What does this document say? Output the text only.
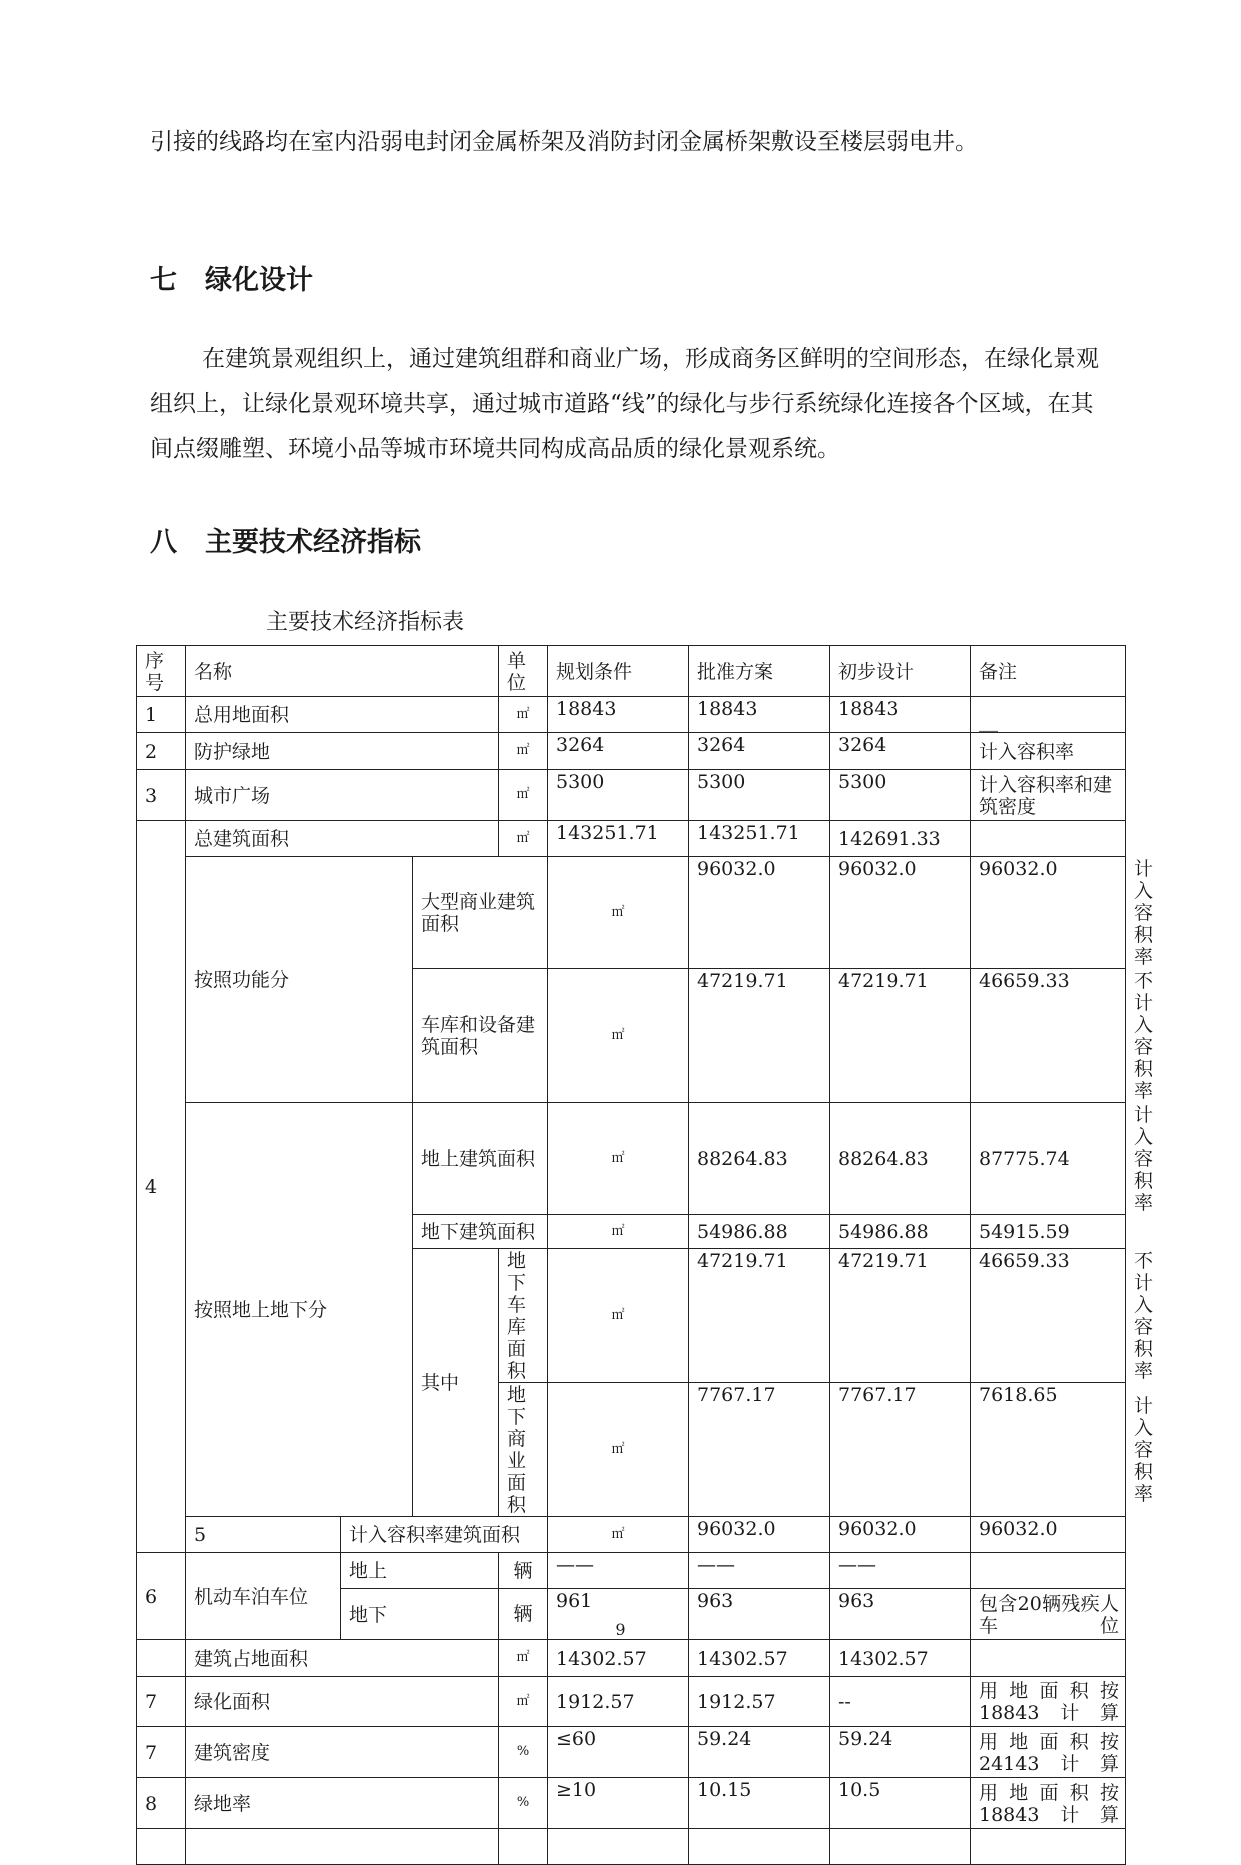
引接的线路均在室内沿弱电封闭金属桥架及消防封闭金属桥架敷设至楼层弱电井。

七 绿化设计

在建筑景观组织上，通过建筑组群和商业广场，形成商务区鲜明的空间形态，在绿化景观组织上，让绿化景观环境共享，通过城市道路“线”的绿化与步行系统绿化连接各个区域，在其间点缀雕塑、环境小品等城市环境共同构成高品质的绿化景观系统。

八 主要技术经济指标

主要技术经济指标表

序号	名称			单位	规划条件	批准方案	初步设计	备注	
1	总用地面积			㎡	18843	18843	18843	__	
2	防护绿地			㎡	3264	3264	3264	计入容积率	
3	城市广场			㎡	5300	5300	5300	计入容积率和建筑密度	
4	总建筑面积			㎡	143251.71	143251.71	142691.33		
	按照功能分		大型商业建筑面积		㎡	96032.0	96032.0	96032.0	计入容积率
			车库和设备建筑面积		㎡	47219.71	47219.71	46659.33	不计入容积率
	按照地上地下分		地上建筑面积		㎡	88264.83	88264.83	87775.74	计入容积率
			地下建筑面积		㎡	54986.88	54986.88	54915.59	
			其中	地下车库面积	㎡	47219.71	47219.71	46659.33	不计入容积率
				地下商业面积	㎡	7767.17	7767.17	7618.65	计入容积率
	5	计入容积率建筑面积			㎡	96032.0	96032.0	96032.0	
6	机动车泊车位	地上		辆	——	——	——		
		地下		辆	961	963	963	包含20辆残疾人车位	
	建筑占地面积			㎡	14302.57	14302.57	14302.57		
7	绿化面积			㎡	1912.57	1912.57	--	用地面积按18843计算	
7	建筑密度			%	≤60	59.24	59.24	用地面积按24143计算	
8	绿地率			%	≥10	10.15	10.5	用地面积按18843计算	

9
